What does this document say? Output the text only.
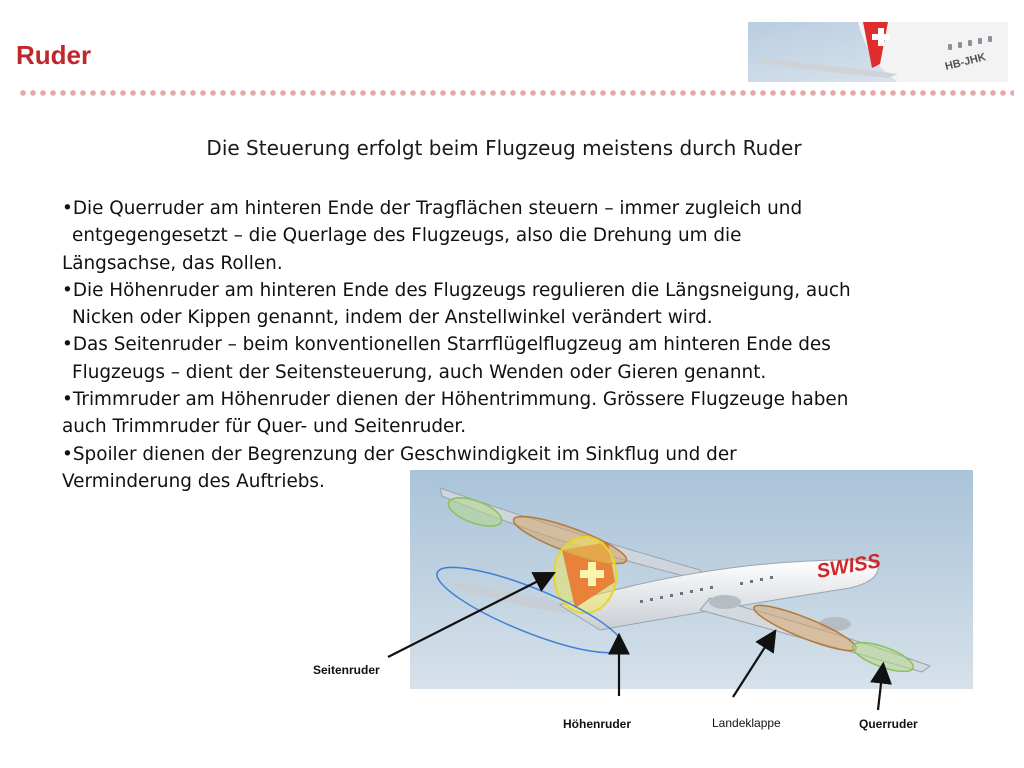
Ruder	HB-JHK
Die Steuerung erfolgt beim Flugzeug meistens durch Ruder

•Die Querruder am hinteren Ende der Tragflächen steuern – immer zugleich und
entgegengesetzt – die Querlage des Flugzeugs, also die Drehung um die
Längsachse, das Rollen.

•Die Höhenruder am hinteren Ende des Flugzeugs regulieren die Längsneigung, auch
Nicken oder Kippen genannt, indem der Anstellwinkel verändert wird.

•Das Seitenruder – beim konventionellen Starrflügelflugzeug am hinteren Ende des
Flugzeugs – dient der Seitensteuerung, auch Wenden oder Gieren genannt.

•Trimmruder am Höhenruder dienen der Höhentrimmung. Grössere Flugzeuge haben
auch Trimmruder für Quer- und Seitenruder.

•Spoiler dienen der Begrenzung der Geschwindigkeit im Sinkflug und der
Verminderung des Auftriebs.

SWISS
Seitenruder
Höhenruder	Landeklappe	Querruder
